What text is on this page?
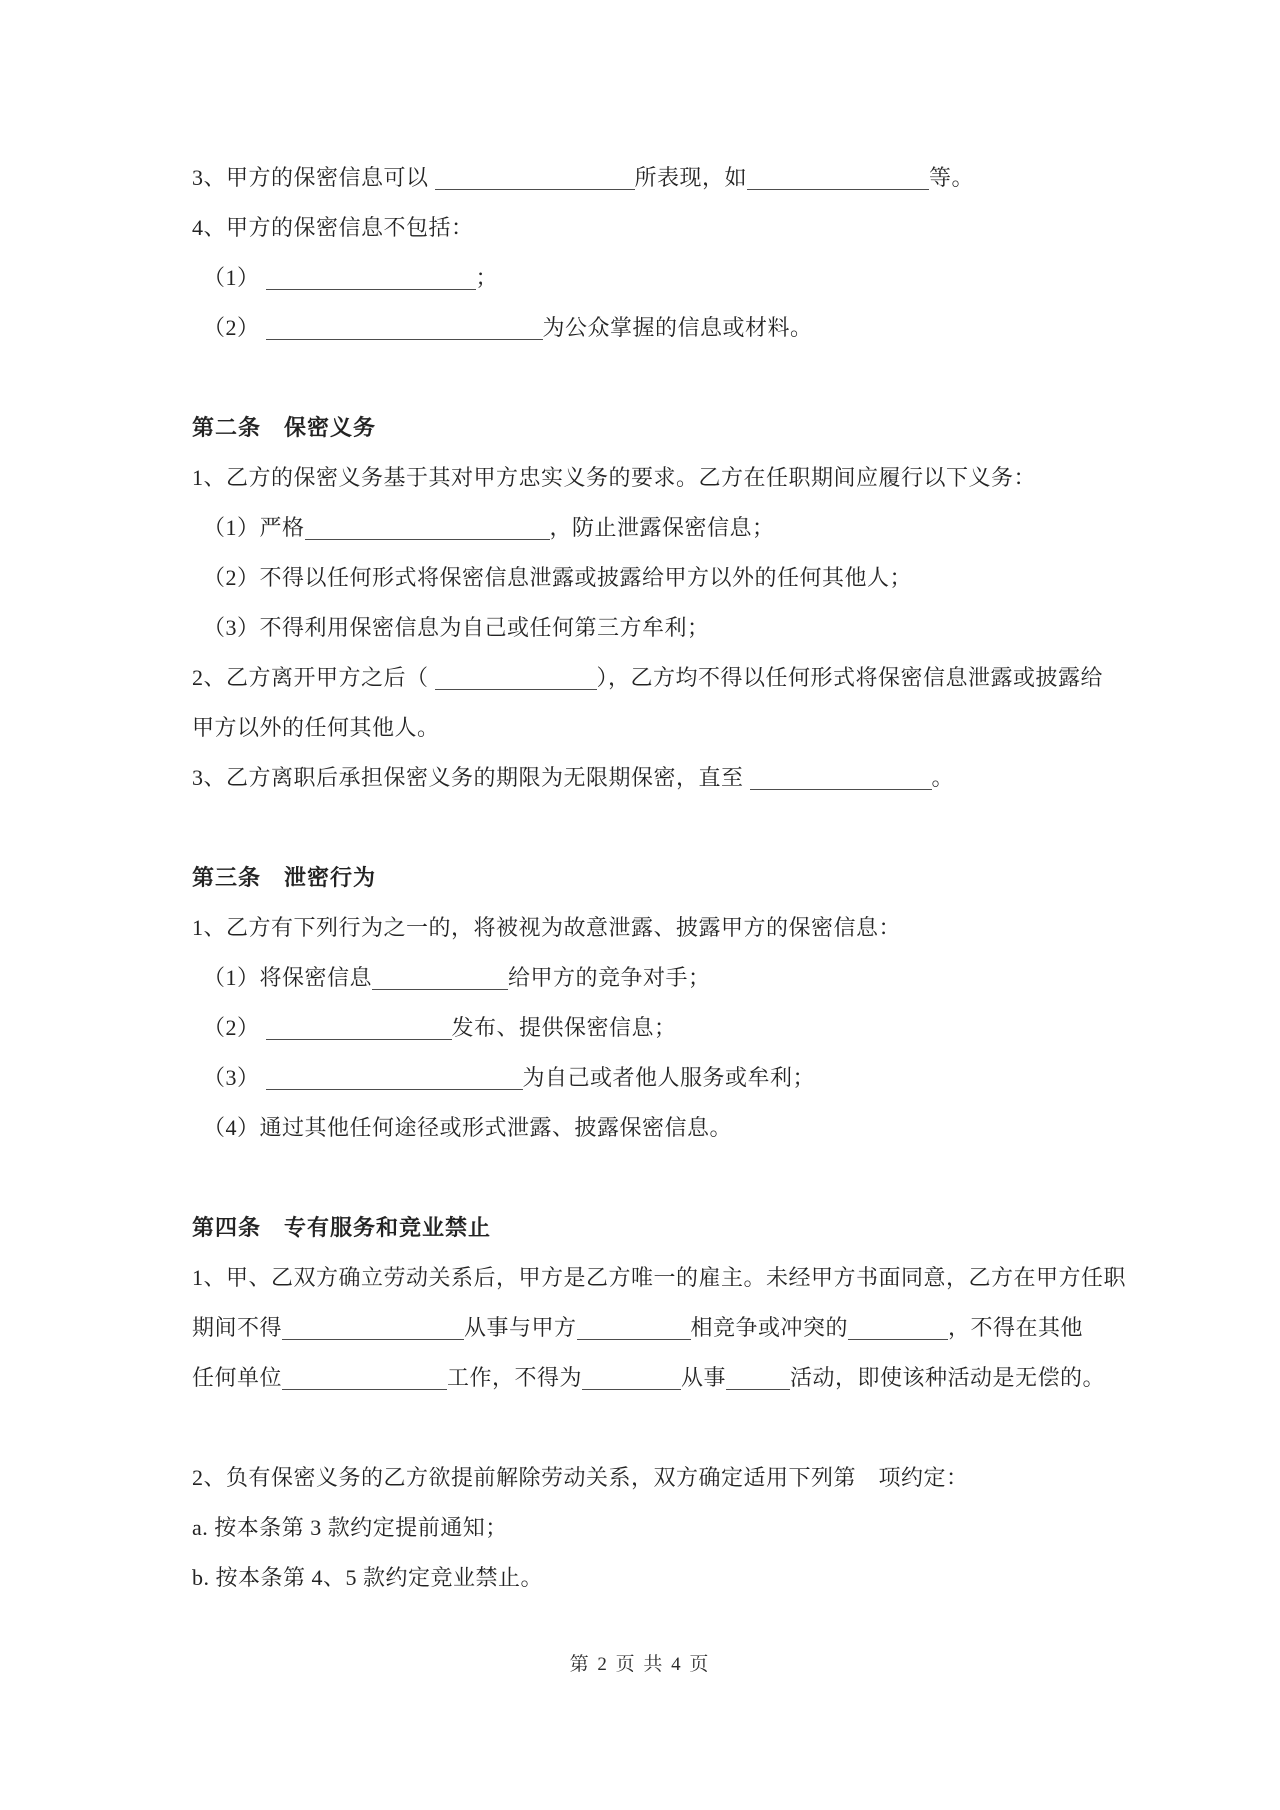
3、甲方的保密信息可以	所表现，如	等。

4、甲方的保密信息不包括：

（1）	；

（2）	为公众掌握的信息或材料。

第二条　保密义务

1、乙方的保密义务基于其对甲方忠实义务的要求。乙方在任职期间应履行以下义务：

（1）严格	，防止泄露保密信息；

（2）不得以任何形式将保密信息泄露或披露给甲方以外的任何其他人；

（3）不得利用保密信息为自己或任何第三方牟利；

2、乙方离开甲方之后（	），乙方均不得以任何形式将保密信息泄露或披露给

甲方以外的任何其他人。

3、乙方离职后承担保密义务的期限为无限期保密，直至	。

第三条　泄密行为

1、乙方有下列行为之一的，将被视为故意泄露、披露甲方的保密信息：

（1）将保密信息	给甲方的竞争对手；

（2）	发布、提供保密信息；

（3）	为自己或者他人服务或牟利；

（4）通过其他任何途径或形式泄露、披露保密信息。

第四条　专有服务和竞业禁止

1、甲、乙双方确立劳动关系后，甲方是乙方唯一的雇主。未经甲方书面同意，乙方在甲方任职

期间不得	从事与甲方	相竞争或冲突的	，不得在其他

任何单位	工作，不得为	从事	活动，即使该种活动是无偿的。

2、负有保密义务的乙方欲提前解除劳动关系，双方确定适用下列第　项约定：

a. 按本条第 3 款约定提前通知；

b. 按本条第 4、5 款约定竞业禁止。

第 2 页 共 4 页
